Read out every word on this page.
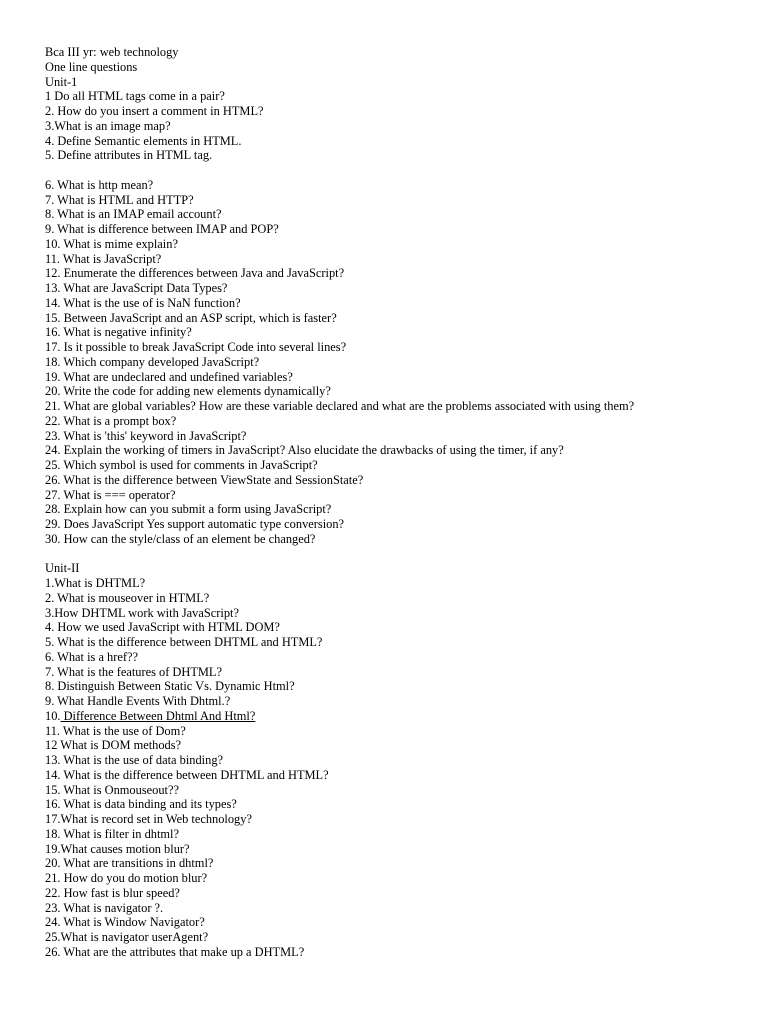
Bca III yr: web technology
One line questions
Unit-1
1 Do all HTML tags come in a pair?
2. How do you insert a comment in HTML?
3.What is an image map?
4. Define Semantic elements in HTML.
5. Define attributes in HTML tag.
6. What is http mean?
7. What is HTML and HTTP?
8. What is an IMAP email account?
9. What is difference between IMAP and POP?
10. What is mime explain?
11. What is JavaScript?
12. Enumerate the differences between Java and JavaScript?
13. What are JavaScript Data Types?
14. What is the use of is NaN function?
15. Between JavaScript and an ASP script, which is faster?
16. What is negative infinity?
17. Is it possible to break JavaScript Code into several lines?
18. Which company developed JavaScript?
19. What are undeclared and undefined variables?
20. Write the code for adding new elements dynamically?
21. What are global variables? How are these variable declared and what are the problems associated with using them?
22. What is a prompt box?
23. What is 'this' keyword in JavaScript?
24. Explain the working of timers in JavaScript? Also elucidate the drawbacks of using the timer, if any?
25. Which symbol is used for comments in JavaScript?
26. What is the difference between ViewState and SessionState?
27. What is === operator?
28. Explain how can you submit a form using JavaScript?
29. Does JavaScript Yes support automatic type conversion?
30. How can the style/class of an element be changed?
Unit-II
1.What is DHTML?
2. What is mouseover in HTML?
3.How DHTML work with JavaScript?
4. How we used JavaScript with HTML DOM?
5. What is the difference between DHTML and HTML?
6. What is a href??
7. What is the features of DHTML?
8. Distinguish Between Static Vs. Dynamic Html?
9. What Handle Events With Dhtml.?
10. Difference Between Dhtml And Html?
11. What is the use of Dom?
12 What is DOM methods?
13. What is the use of data binding?
14. What is the difference between DHTML and HTML?
15. What is Onmouseout??
16. What is data binding and its types?
17.What is record set in Web technology?
18. What is filter in dhtml?
19.What causes motion blur?
20. What are transitions in dhtml?
21. How do you do motion blur?
22. How fast is blur speed?
23. What is navigator ?.
24. What is Window Navigator?
25.What is navigator userAgent?
26. What are the attributes that make up a DHTML?
